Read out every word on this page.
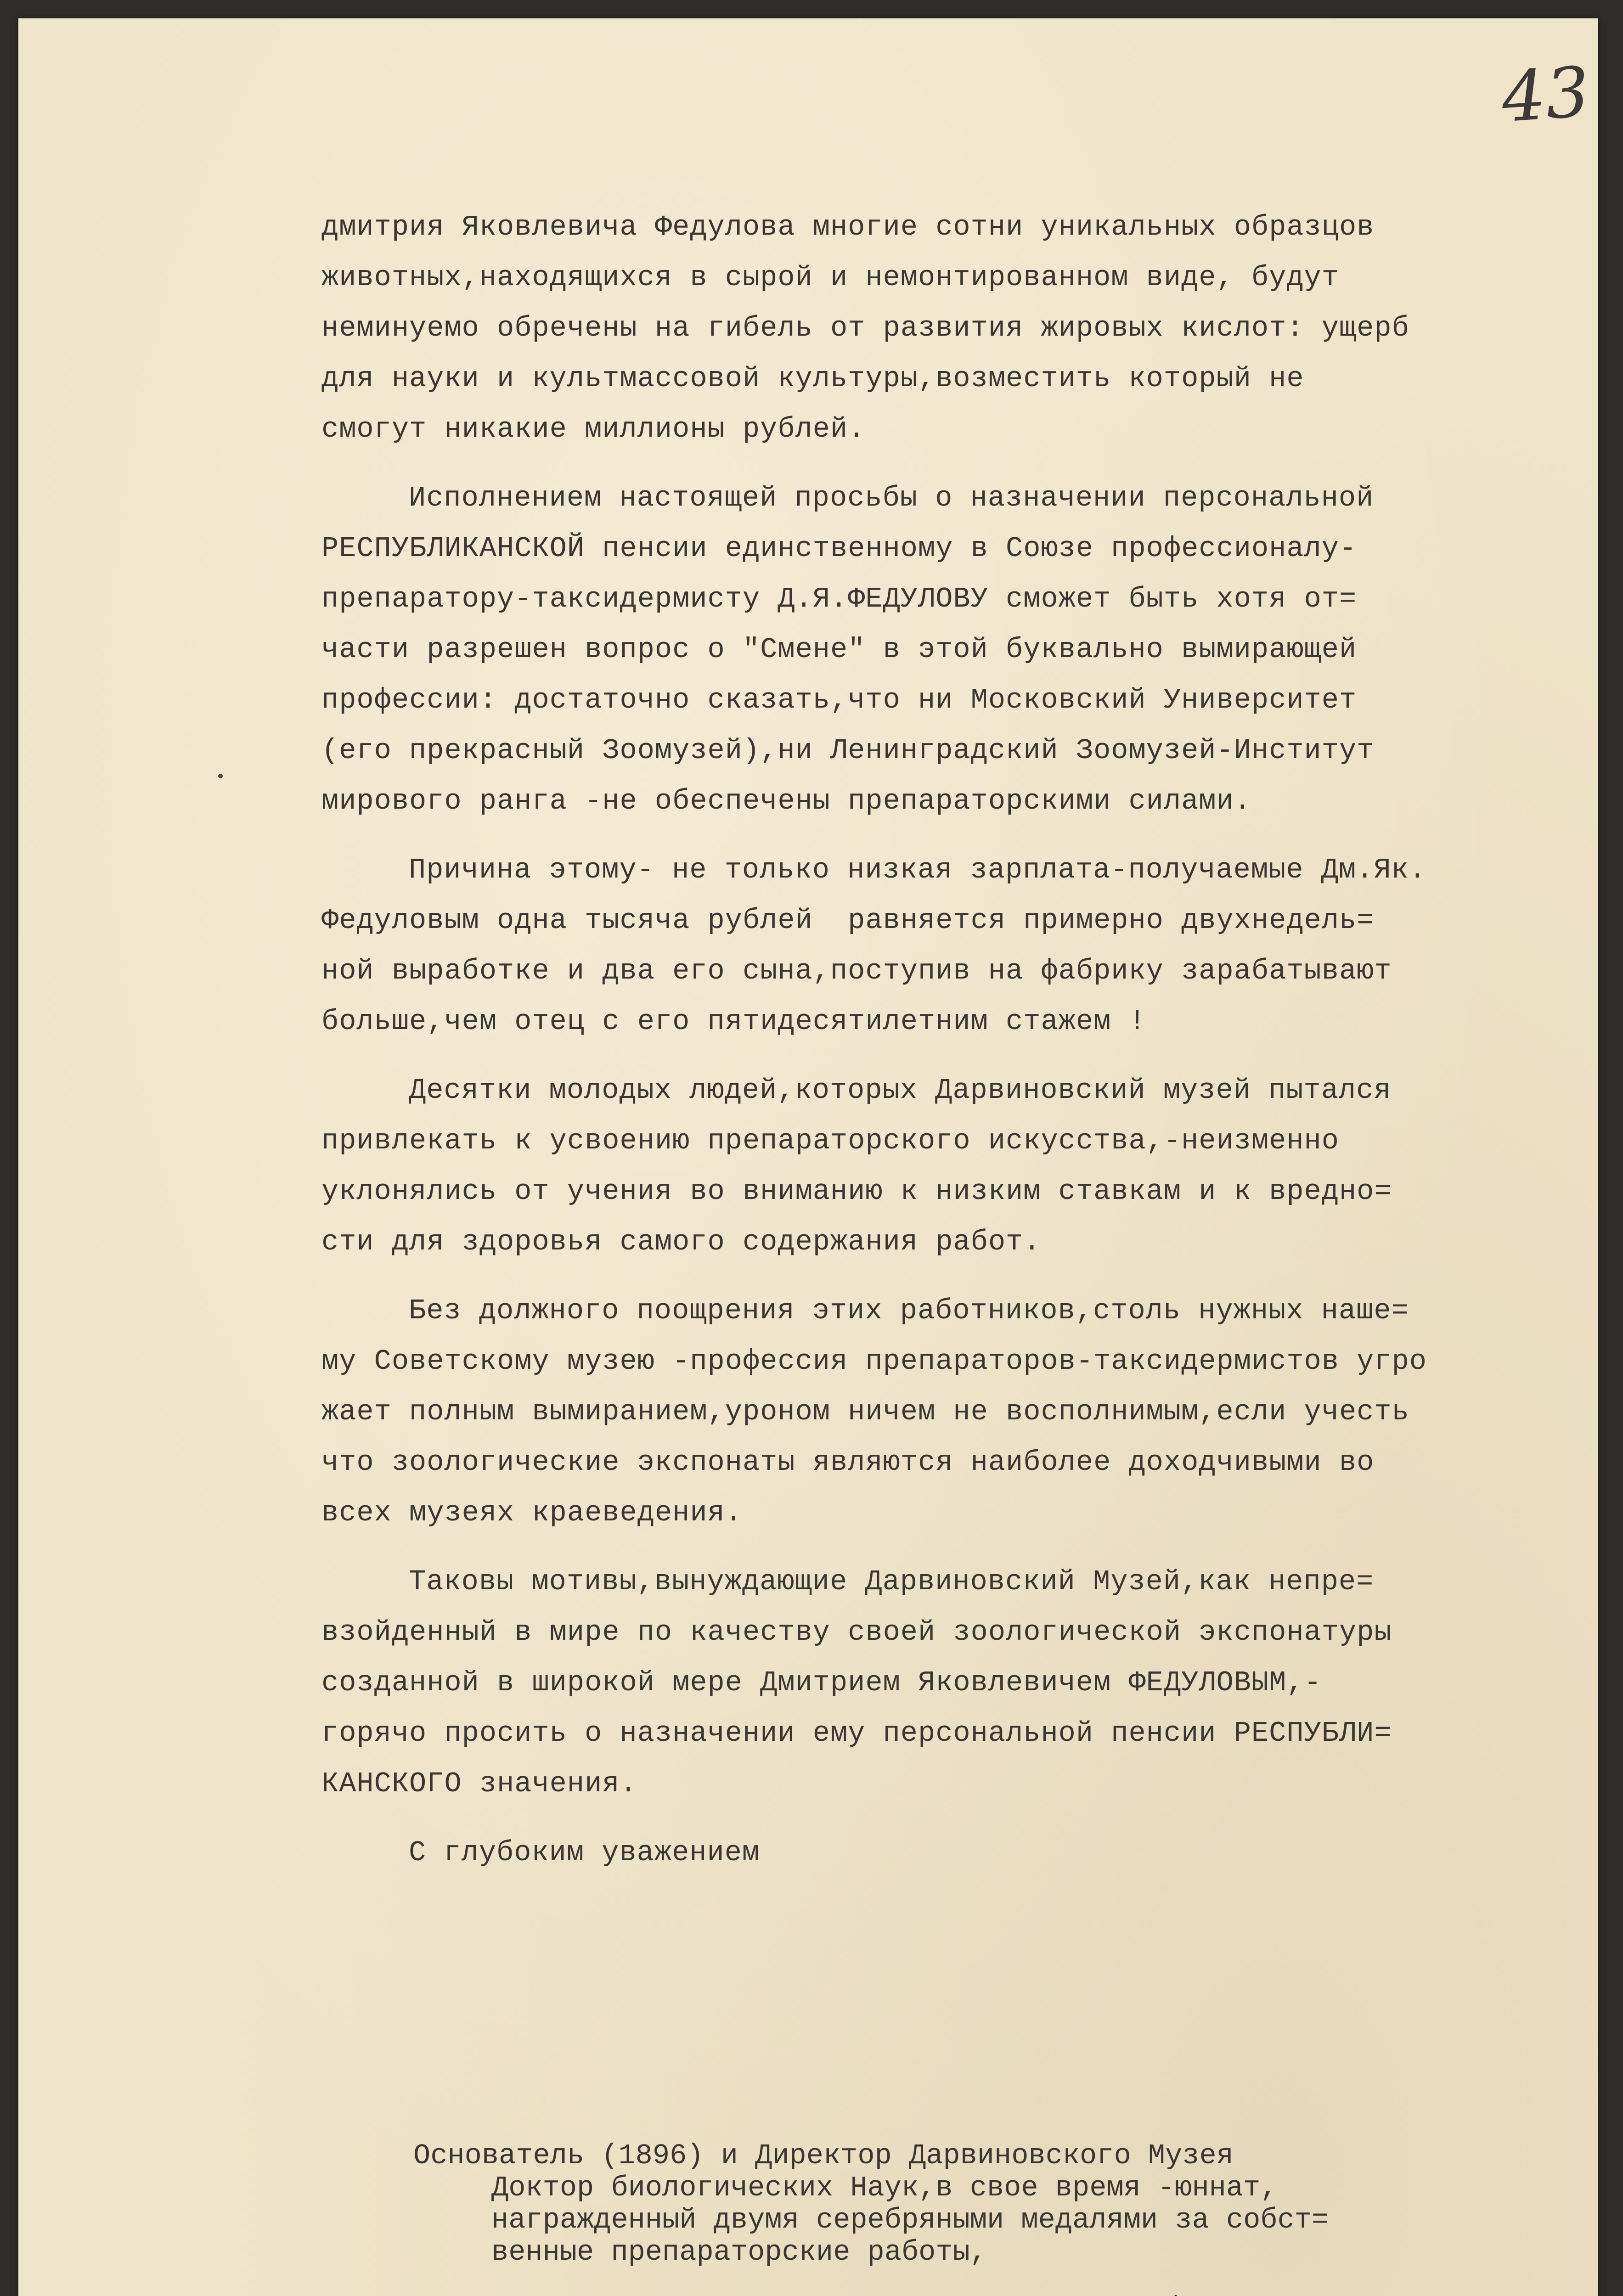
43
дмитрия Яковлевича Федулова многие сотни уникальных образцов
животных,находящихся в сырой и немонтированном виде, будут
неминуемо обречены на гибель от развития жировых кислот: ущерб
для науки и культмассовой культуры,возместить который не
смогут никакие миллионы рублей.
Исполнением настоящей просьбы о назначении персональной
РЕСПУБЛИКАНСКОЙ пенсии единственному в Союзе профессионалу-
препаратору-таксидермисту Д.Я.ФЕДУЛОВУ сможет быть хотя от=
части разрешен вопрос о "Смене" в этой буквально вымирающей
профессии: достаточно сказать,что ни Московский Университет
(его прекрасный Зоомузей),ни Ленинградский Зоомузей-Институт
мирового ранга -не обеспечены препараторскими силами.
Причина этому- не только низкая зарплата-получаемые Дм.Як.
Федуловым одна тысяча рублей  равняется примерно двухнедель=
ной выработке и два его сына,поступив на фабрику зарабатывают
больше,чем отец с его пятидесятилетним стажем !
Десятки молодых людей,которых Дарвиновский музей пытался
привлекать к усвоению препараторского искусства,-неизменно
уклонялись от учения во вниманию к низким ставкам и к вредно=
сти для здоровья самого содержания работ.
Без должного поощрения этих работников,столь нужных наше=
му Советскому музею -профессия препараторов-таксидермистов угро
жает полным вымиранием,уроном ничем не восполнимым,если учесть
что зоологические экспонаты являются наиболее доходчивыми во
всех музеях краеведения.
Таковы мотивы,вынуждающие Дарвиновский Музей,как непре=
взойденный в мире по качеству своей зоологической экспонатуры
созданной в широкой мере Дмитрием Яковлевичем ФЕДУЛОВЫМ,-
горячо просить о назначении ему персональной пенсии РЕСПУБЛИ=
КАНСКОГО значения.
С глубоким уважением
Основатель (1896) и Директор Дарвиновского Музея
Доктор биологических Наук,в свое время -юннат,
награжденный двумя серебряными медалями за собст=
венные препараторские работы,
